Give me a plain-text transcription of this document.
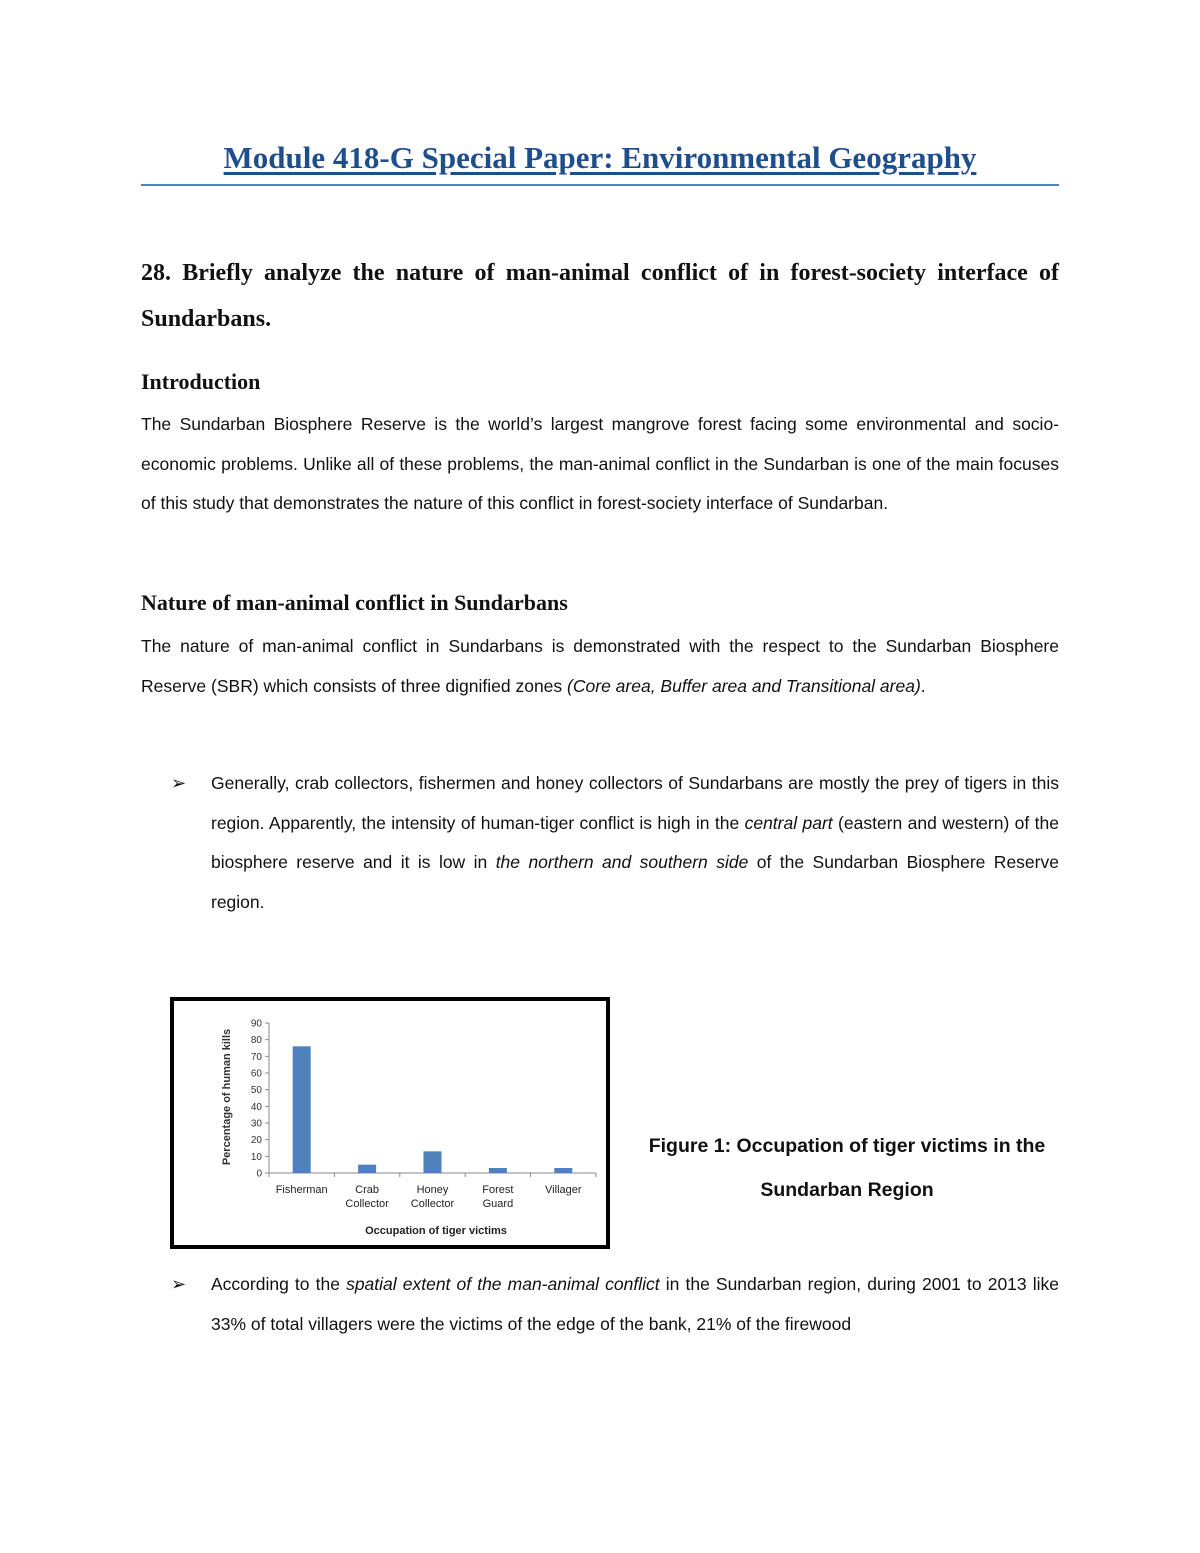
Module 418-G Special Paper: Environmental Geography
28. Briefly analyze the nature of man-animal conflict of in forest-society interface of Sundarbans.
Introduction

The Sundarban Biosphere Reserve is the world’s largest mangrove forest facing some environmental and socio-economic problems. Unlike all of these problems, the man-animal conflict in the Sundarban is one of the main focuses of this study that demonstrates the nature of this conflict in forest-society interface of Sundarban.

Nature of man-animal conflict in Sundarbans

The nature of man-animal conflict in Sundarbans is demonstrated with the respect to the Sundarban Biosphere Reserve (SBR) which consists of three dignified zones (Core area, Buffer area and Transitional area).

➢ Generally, crab collectors, fishermen and honey collectors of Sundarbans are mostly the prey of tigers in this region. Apparently, the intensity of human-tiger conflict is high in the central part (eastern and western) of the biosphere reserve and it is low in the northern and southern side of the Sundarban Biosphere Reserve region.
Percentage of human kills
Occupation of tiger victims
0
10
20
30
40
50
60
70
80
90
Fisherman Crab
Collector
Honey
Collector
Forest
Guard
Villager
Figure 1: Occupation of tiger victims in the Sundarban Region
➢ According to the spatial extent of the man-animal conflict in the Sundarban region, during 2001 to 2013 like 33% of total villagers were the victims of the edge of the bank, 21% of the firewood
